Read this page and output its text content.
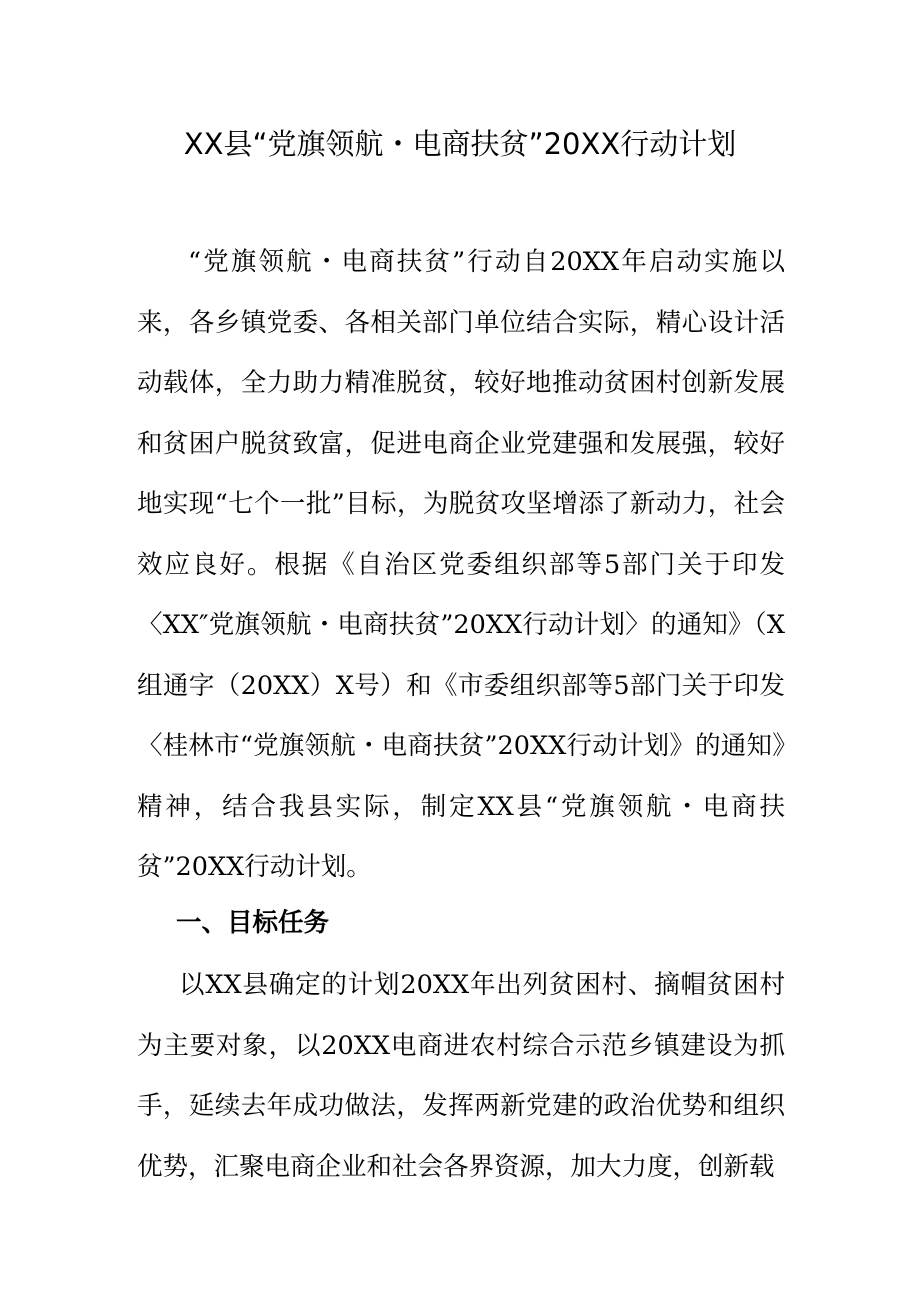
XX县“党旗领航・电商扶贫”20XX行动计划

“党旗领航・电商扶贫”行动自20XX年启动实施以来，各乡镇党委、各相关部门单位结合实际，精心设计活动载体，全力助力精准脱贫，较好地推动贫困村创新发展和贫困户脱贫致富，促进电商企业党建强和发展强，较好地实现“七个一批”目标，为脱贫攻坚增添了新动力，社会效应良好。根据《自治区党委组织部等5部门关于印发〈XX″党旗领航・电商扶贫”20XX行动计划〉的通知》（X组通字（20XX）X号）和《市委组织部等5部门关于印发〈桂林市“党旗领航・电商扶贫”20XX行动计划》的通知》精神，结合我县实际，制定XX县“党旗领航・电商扶贫”20XX行动计划。

一、目标任务

以XX县确定的计划20XX年出列贫困村、摘帽贫困村为主要对象，以20XX电商进农村综合示范乡镇建设为抓手，延续去年成功做法，发挥两新党建的政治优势和组织优势，汇聚电商企业和社会各界资源，加大力度，创新载
